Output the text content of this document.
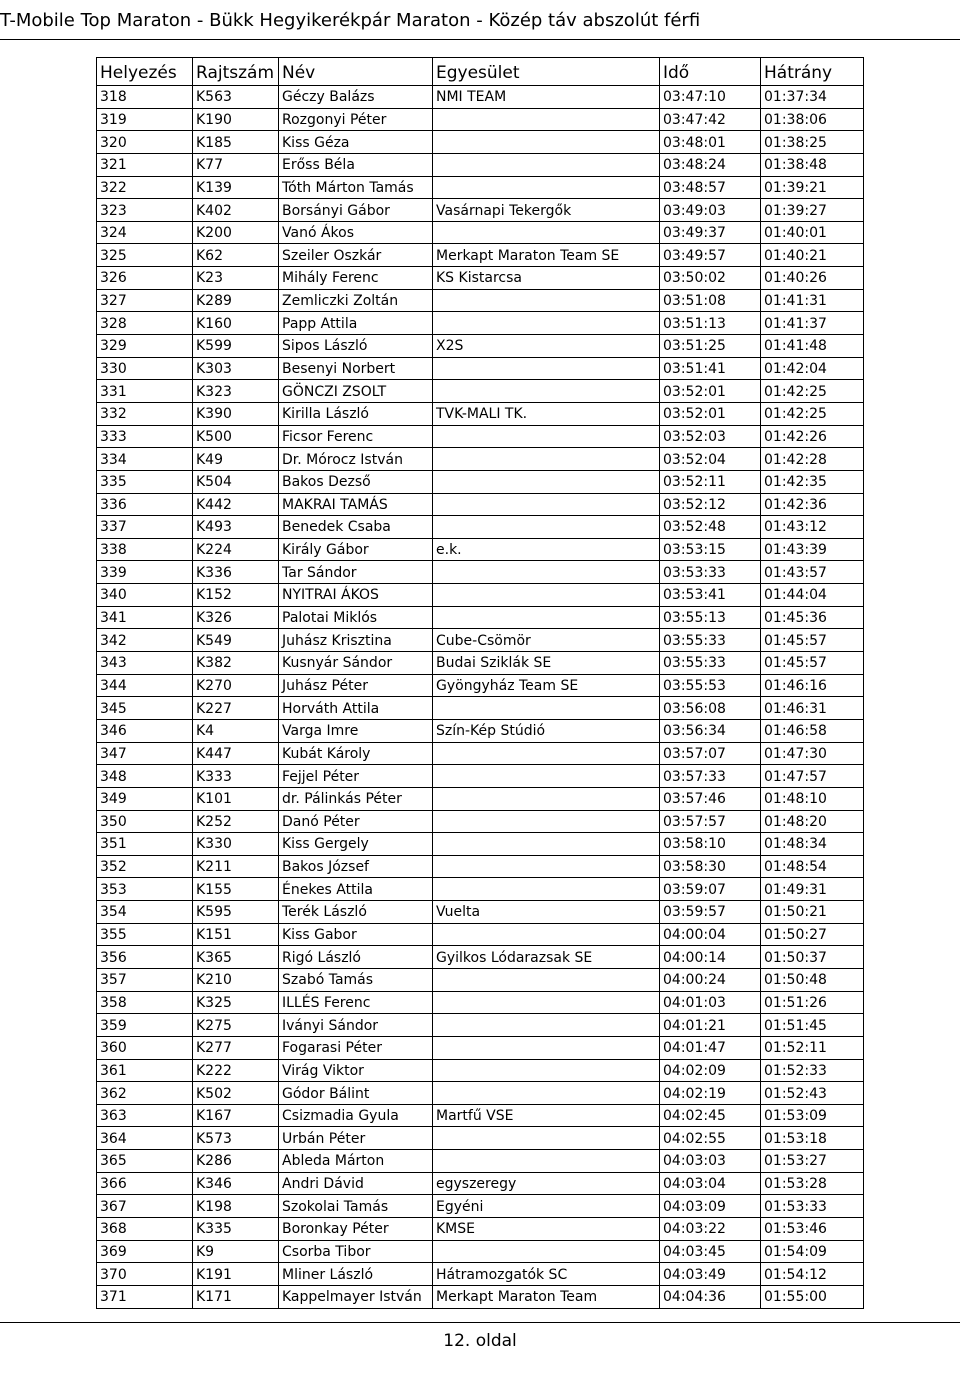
T-Mobile Top Maraton - Bükk Hegyikerékpár Maraton - Közép táv abszolút férfi
Helyezés	Rajtszám	Név	Egyesület	Idő	Hátrány
318	K563	Géczy Balázs	NMI TEAM	03:47:10	01:37:34
319	K190	Rozgonyi Péter		03:47:42	01:38:06
320	K185	Kiss Géza		03:48:01	01:38:25
321	K77	Erőss Béla		03:48:24	01:38:48
322	K139	Tóth Márton Tamás		03:48:57	01:39:21
323	K402	Borsányi Gábor	Vasárnapi Tekergők	03:49:03	01:39:27
324	K200	Vanó Ákos		03:49:37	01:40:01
325	K62	Szeiler Oszkár	Merkapt Maraton Team SE	03:49:57	01:40:21
326	K23	Mihály Ferenc	KS Kistarcsa	03:50:02	01:40:26
327	K289	Zemliczki Zoltán		03:51:08	01:41:31
328	K160	Papp Attila		03:51:13	01:41:37
329	K599	Sipos László	X2S	03:51:25	01:41:48
330	K303	Besenyi Norbert		03:51:41	01:42:04
331	K323	GÖNCZI ZSOLT		03:52:01	01:42:25
332	K390	Kirilla László	TVK-MALI TK.	03:52:01	01:42:25
333	K500	Ficsor Ferenc		03:52:03	01:42:26
334	K49	Dr. Mórocz István		03:52:04	01:42:28
335	K504	Bakos Dezső		03:52:11	01:42:35
336	K442	MAKRAI TAMÁS		03:52:12	01:42:36
337	K493	Benedek Csaba		03:52:48	01:43:12
338	K224	Király Gábor	e.k.	03:53:15	01:43:39
339	K336	Tar Sándor		03:53:33	01:43:57
340	K152	NYITRAI ÁKOS		03:53:41	01:44:04
341	K326	Palotai Miklós		03:55:13	01:45:36
342	K549	Juhász Krisztina	Cube-Csömör	03:55:33	01:45:57
343	K382	Kusnyár Sándor	Budai Sziklák SE	03:55:33	01:45:57
344	K270	Juhász Péter	Gyöngyház Team SE	03:55:53	01:46:16
345	K227	Horváth Attila		03:56:08	01:46:31
346	K4	Varga Imre	Szín-Kép Stúdió	03:56:34	01:46:58
347	K447	Kubát Károly		03:57:07	01:47:30
348	K333	Fejjel Péter		03:57:33	01:47:57
349	K101	dr. Pálinkás Péter		03:57:46	01:48:10
350	K252	Danó Péter		03:57:57	01:48:20
351	K330	Kiss Gergely		03:58:10	01:48:34
352	K211	Bakos József		03:58:30	01:48:54
353	K155	Énekes Attila		03:59:07	01:49:31
354	K595	Terék László	Vuelta	03:59:57	01:50:21
355	K151	Kiss Gabor		04:00:04	01:50:27
356	K365	Rigó László	Gyilkos Lódarazsak SE	04:00:14	01:50:37
357	K210	Szabó Tamás		04:00:24	01:50:48
358	K325	ILLÉS Ferenc		04:01:03	01:51:26
359	K275	Iványi Sándor		04:01:21	01:51:45
360	K277	Fogarasi Péter		04:01:47	01:52:11
361	K222	Virág Viktor		04:02:09	01:52:33
362	K502	Gódor Bálint		04:02:19	01:52:43
363	K167	Csizmadia Gyula	Martfű VSE	04:02:45	01:53:09
364	K573	Urbán Péter		04:02:55	01:53:18
365	K286	Ableda Márton		04:03:03	01:53:27
366	K346	Andri Dávid	egyszeregy	04:03:04	01:53:28
367	K198	Szokolai Tamás	Egyéni	04:03:09	01:53:33
368	K335	Boronkay Péter	KMSE	04:03:22	01:53:46
369	K9	Csorba Tibor		04:03:45	01:54:09
370	K191	Mliner László	Hátramozgatók SC	04:03:49	01:54:12
371	K171	Kappelmayer István	Merkapt Maraton Team	04:04:36	01:55:00
12. oldal
